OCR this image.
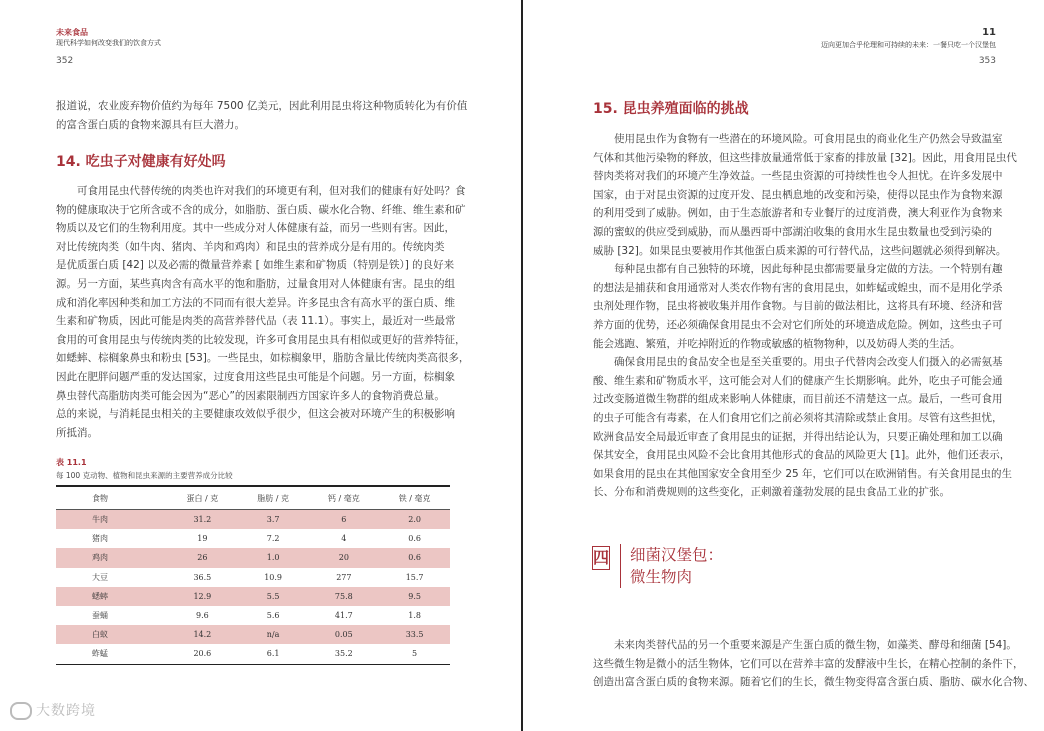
未来食品
现代科学如何改变我们的饮食方式
352
报道说，农业废弃物价值约为每年 7500 亿美元，因此利用昆虫将这种物质转化为有价值
的富含蛋白质的食物来源具有巨大潜力。
14. 吃虫子对健康有好处吗
可食用昆虫代替传统的肉类也许对我们的环境更有利，但对我们的健康有好处吗？食
物的健康取决于它所含或不含的成分，如脂肪、蛋白质、碳水化合物、纤维、维生素和矿
物质以及它们的生物利用度。其中一些成分对人体健康有益，而另一些则有害。因此，
对比传统肉类（如牛肉、猪肉、羊肉和鸡肉）和昆虫的营养成分是有用的。传统肉类
是优质蛋白质 [42] 以及必需的微量营养素 [ 如维生素和矿物质（特别是铁）] 的良好来
源。另一方面，某些真肉含有高水平的饱和脂肪，过量食用对人体健康有害。昆虫的组
成和消化率因种类和加工方法的不同而有很大差异。许多昆虫含有高水平的蛋白质、维
生素和矿物质，因此可能是肉类的高营养替代品（表 11.1）。事实上，最近对一些最常
食用的可食用昆虫与传统肉类的比较发现，许多可食用昆虫具有相似或更好的营养特征，
如蟋蟀、棕榈象鼻虫和粉虫 [53]。一些昆虫，如棕榈象甲，脂肪含量比传统肉类高很多，
因此在肥胖问题严重的发达国家，过度食用这些昆虫可能是个问题。另一方面，棕榈象
鼻虫替代高脂肪肉类可能会因为“恶心”的因素限制西方国家许多人的食物消费总量。
总的来说，与消耗昆虫相关的主要健康攻效似乎很少，但这会被对环境产生的积极影响
所抵消。
表 11.1
每 100 克动物、植物和昆虫来源的主要营养成分比较
食物	蛋白 / 克	脂肪 / 克	钙 / 毫克	铁 / 毫克
牛肉	31.2	3.7	6	2.0
猪肉	19	7.2	4	0.6
鸡肉	26	1.0	20	0.6
大豆	36.5	10.9	277	15.7
蟋蟀	12.9	5.5	75.8	9.5
蚕蛹	9.6	5.6	41.7	1.8
白蚁	14.2	n/a	0.05	33.5
蚱蜢	20.6	6.1	35.2	5
大数跨境
11
迈向更加合乎伦理和可持续的未来：一餐只吃一个汉堡包
353
15. 昆虫养殖面临的挑战
使用昆虫作为食物有一些潜在的环境风险。可食用昆虫的商业化生产仍然会导致温室
气体和其他污染物的释放，但这些排放量通常低于家畜的排放量 [32]。因此，用食用昆虫代
替肉类将对我们的环境产生净效益。一些昆虫资源的可持续性也令人担忧。在许多发展中
国家，由于对昆虫资源的过度开发、昆虫栖息地的改变和污染，使得以昆虫作为食物来源
的利用受到了威胁。例如，由于生态旅游者和专业餐厅的过度消费，澳大利亚作为食物来
源的蜜蚁的供应受到威胁，而从墨西哥中部湖泊收集的食用水生昆虫数量也受到污染的
威胁 [32]。如果昆虫要被用作其他蛋白质来源的可行替代品，这些问题就必须得到解决。
每种昆虫都有自己独特的环境，因此每种昆虫都需要量身定做的方法。一个特别有趣
的想法是捕获和食用通常对人类农作物有害的食用昆虫，如蚱蜢或蝗虫，而不是用化学杀
虫剂处理作物，昆虫将被收集并用作食物。与目前的做法相比，这将具有环境、经济和营
养方面的优势，还必须确保食用昆虫不会对它们所处的环境造成危险。例如，这些虫子可
能会逃跑、繁殖，并吃掉附近的作物或敏感的植物物种，以及妨碍人类的生活。
确保食用昆虫的食品安全也是至关重要的。用虫子代替肉会改变人们摄入的必需氨基
酸、维生素和矿物质水平，这可能会对人们的健康产生长期影响。此外，吃虫子可能会通
过改变肠道微生物群的组成来影响人体健康，而目前还不清楚这一点。最后，一些可食用
的虫子可能含有毒素，在人们食用它们之前必须将其清除或禁止食用。尽管有这些担忧，
欧洲食品安全局最近审查了食用昆虫的证据，并得出结论认为，只要正确处理和加工以确
保其安全，食用昆虫风险不会比食用其他形式的食品的风险更大 [1]。此外，他们还表示，
如果食用的昆虫在其他国家安全食用至少 25 年，它们可以在欧洲销售。有关食用昆虫的生
长、分布和消费规则的这些变化，正刺激着蓬勃发展的昆虫食品工业的扩张。
四 细菌汉堡包：
微生物肉
未来肉类替代品的另一个重要来源是产生蛋白质的微生物，如藻类、酵母和细菌 [54]。
这些微生物是微小的活生物体，它们可以在营养丰富的发酵液中生长，在精心控制的条件下，
创造出富含蛋白质的食物来源。随着它们的生长，微生物变得富含蛋白质、脂肪、碳水化合物、
